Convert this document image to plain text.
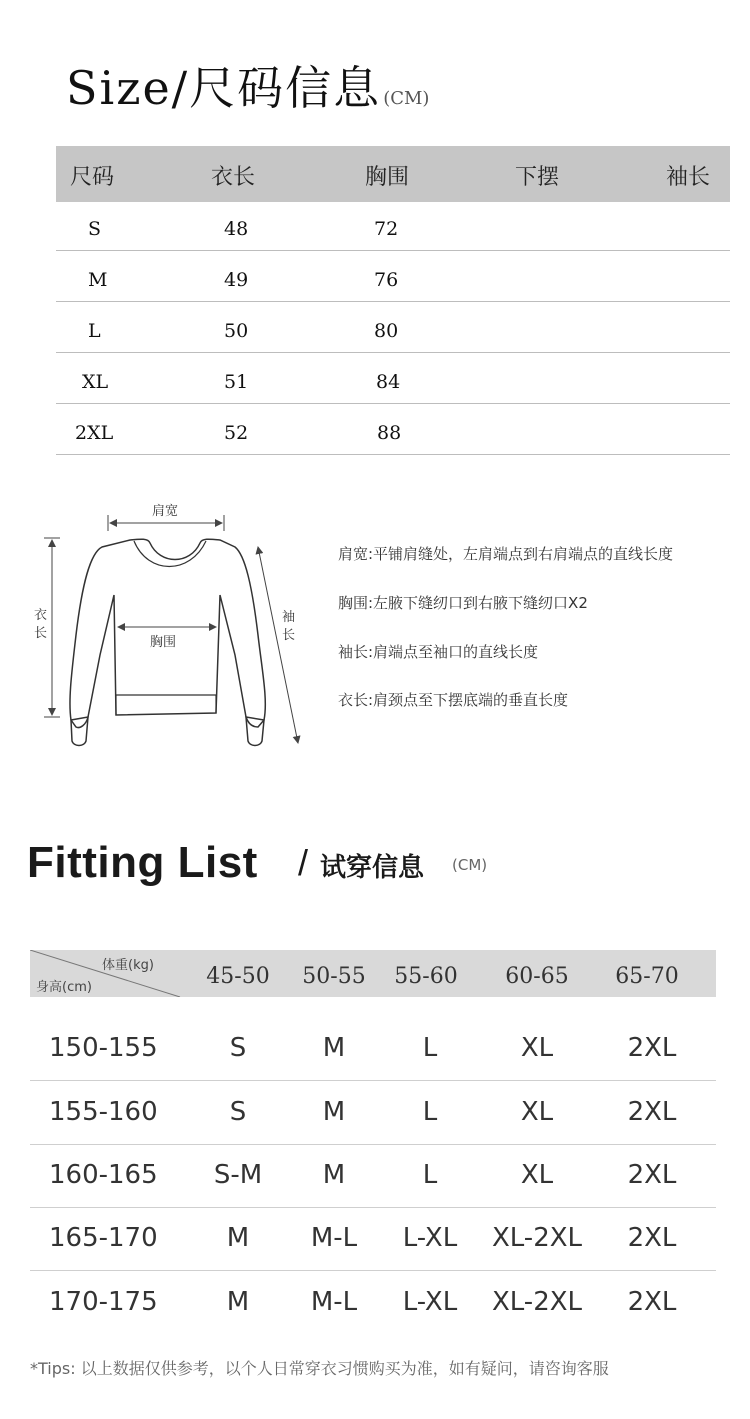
Size/尺码信息 (CM)
尺码	衣长	胸围	下摆	袖长
S	48	72
M	49	76
L	50	80
XL	51	84
2XL	52	88
肩宽
胸围
衣长
袖长
肩宽:平铺肩缝处，左肩端点到右肩端点的直线长度
胸围:左腋下缝纫口到右腋下缝纫口X2
袖长:肩端点至袖口的直线长度
衣长:肩颈点至下摆底端的垂直长度
Fitting List / 试穿信息 (CM)
体重(kg)
身高(cm)	45-50	50-55	55-60	60-65	65-70
150-155	S	M	L	XL	2XL
155-160	S	M	L	XL	2XL
160-165	S-M	M	L	XL	2XL
165-170	M	M-L	L-XL	XL-2XL	2XL
170-175	M	M-L	L-XL	XL-2XL	2XL
*Tips: 以上数据仅供参考，以个人日常穿衣习惯购买为准，如有疑问，请咨询客服
